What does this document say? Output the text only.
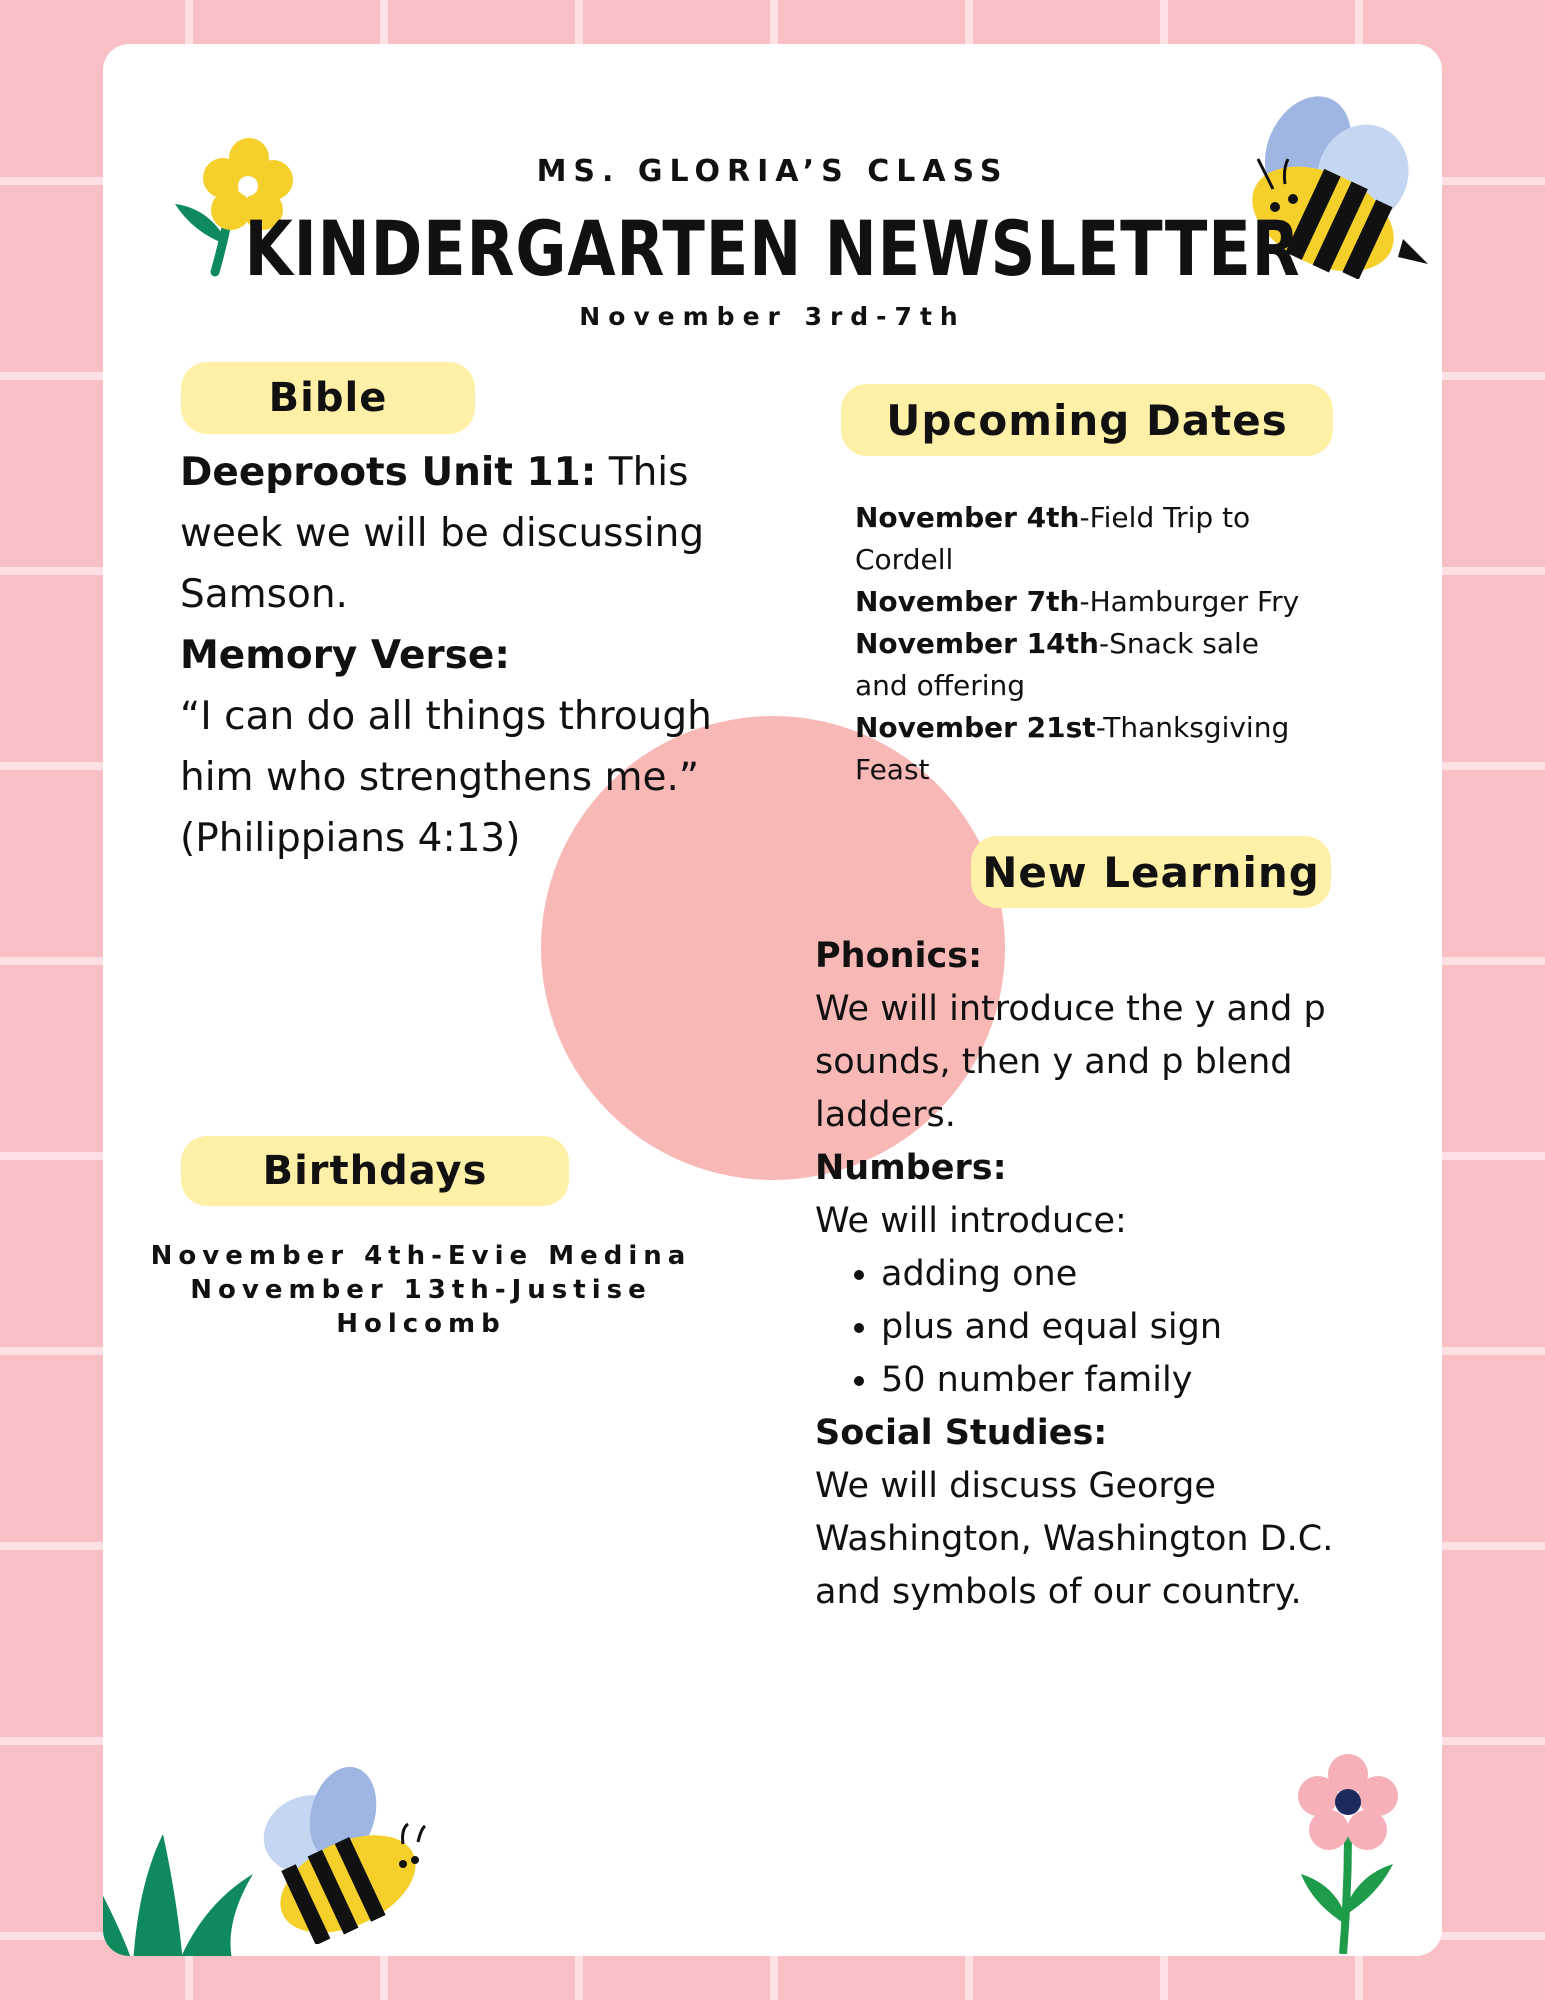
MS. GLORIA’S CLASS
KINDERGARTEN NEWSLETTER
November 3rd-7th
Bible
Deeproots Unit 11: This week we will be discussing Samson.
Memory Verse:
“I can do all things through him who strengthens me.”
(Philippians 4:13)
Upcoming Dates
November 4th-Field Trip to Cordell
November 7th-Hamburger Fry
November 14th-Snack sale and offering
November 21st-Thanksgiving Feast
New Learning
Phonics:
We will introduce the y and p sounds, then y and p blend ladders.
Numbers:
We will introduce:
• adding one
• plus and equal sign
• 50 number family
Social Studies:
We will discuss George Washington, Washington D.C. and symbols of our country.
Birthdays
November 4th-Evie Medina
November 13th-Justise Holcomb
